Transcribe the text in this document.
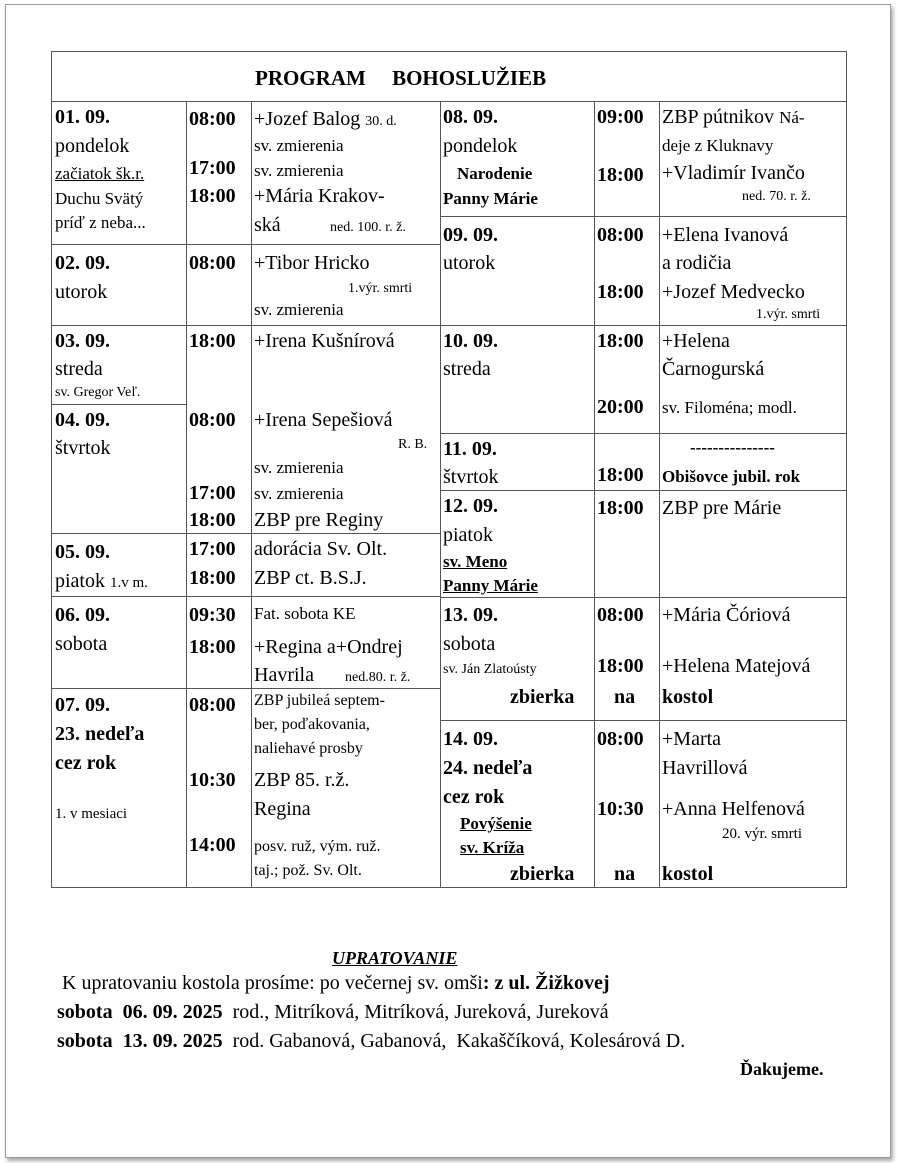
PROGRAM     BOHOSLUŽIEB
01. 09.
pondelok
začiatok šk.r.
Duchu Svätý
príď z neba...
08:00
17:00
18:00
+Jozef Balog 30. d.
sv. zmierenia
sv. zmierenia
+Mária Krakov-
ská	ned. 100. r. ž.
02. 09.
utorok
08:00 +Tibor Hricko
1.výr. smrti
sv. zmierenia
03. 09.
streda
sv. Gregor Veľ.
18:00 +Irena Kušnírová
04. 09.
štvrtok
08:00
17:00
18:00
+Irena Sepešiová
R. B.
sv. zmierenia
sv. zmierenia
ZBP pre Reginy
05. 09.
piatok 1.v m.
17:00
18:00
adorácia Sv. Olt.
ZBP ct. B.S.J.
06. 09.
sobota
09:30
18:00
Fat. sobota KE
+Regina a+Ondrej
Havrila ned.80. r. ž.
07. 09.
23. nedeľa
cez rok
1. v mesiaci
08:00
10:30
14:00
ZBP jubileá septem-
ber, poďakovania,
naliehavé prosby
ZBP 85. r.ž.
Regina
posv. ruž, vým. ruž.
taj.; pož. Sv. Olt.
08. 09.
pondelok
Narodenie
Panny Márie
09:00
18:00
ZBP pútnikov Ná-
deje z Kluknavy
+Vladimír Ivančo
ned. 70. r. ž.
09. 09.
utorok
08:00
18:00
+Elena Ivanová
a rodičia
+Jozef Medvecko
1.výr. smrti
10. 09.
streda
18:00
20:00
+Helena
Čarnogurská
sv. Filoména; modl.
11. 09.
štvrtok	18:00
---------------
Obišovce jubil. rok
12. 09.
piatok
sv. Meno
Panny Márie
18:00 ZBP pre Márie
13. 09.
sobota
sv. Ján Zlatoústy
zbierka
08:00
18:00
na
+Mária Čóriová
+Helena Matejová
kostol
14. 09.
24. nedeľa
cez rok
Povýšenie
sv. Kríža
zbierka
08:00
10:30
na
+Marta
Havrillová
+Anna Helfenová
20. výr. smrti
kostol
UPRATOVANIE
K upratovaniu kostola prosíme: po večernej sv. omši: z ul. Žižkovej
sobota  06. 09. 2025 rod., Mitríková, Mitríková, Jureková, Jureková
sobota  13. 09. 2025 rod. Gabanová, Gabanová,  Kakaščíková, Kolesárová D.
Ďakujeme.
